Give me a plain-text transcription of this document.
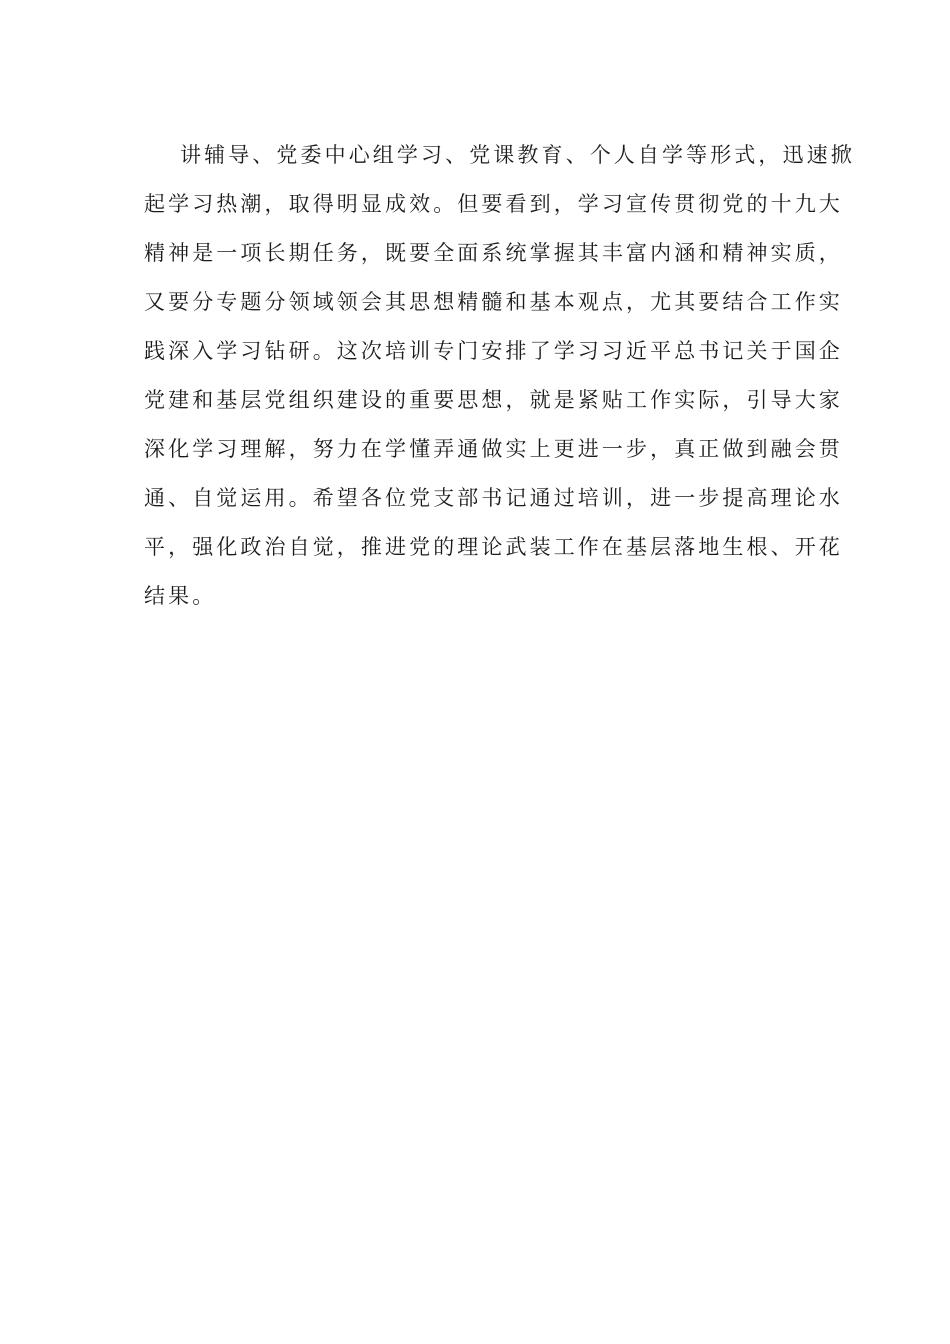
讲辅导、党委中心组学习、党课教育、个人自学等形式，迅速掀
起学习热潮，取得明显成效。但要看到，学习宣传贯彻党的十九大
精神是一项长期任务，既要全面系统掌握其丰富内涵和精神实质，
又要分专题分领域领会其思想精髓和基本观点，尤其要结合工作实
践深入学习钻研。这次培训专门安排了学习习近平总书记关于国企
党建和基层党组织建设的重要思想，就是紧贴工作实际，引导大家
深化学习理解，努力在学懂弄通做实上更进一步，真正做到融会贯
通、自觉运用。希望各位党支部书记通过培训，进一步提高理论水
平，强化政治自觉，推进党的理论武装工作在基层落地生根、开花
结果。
